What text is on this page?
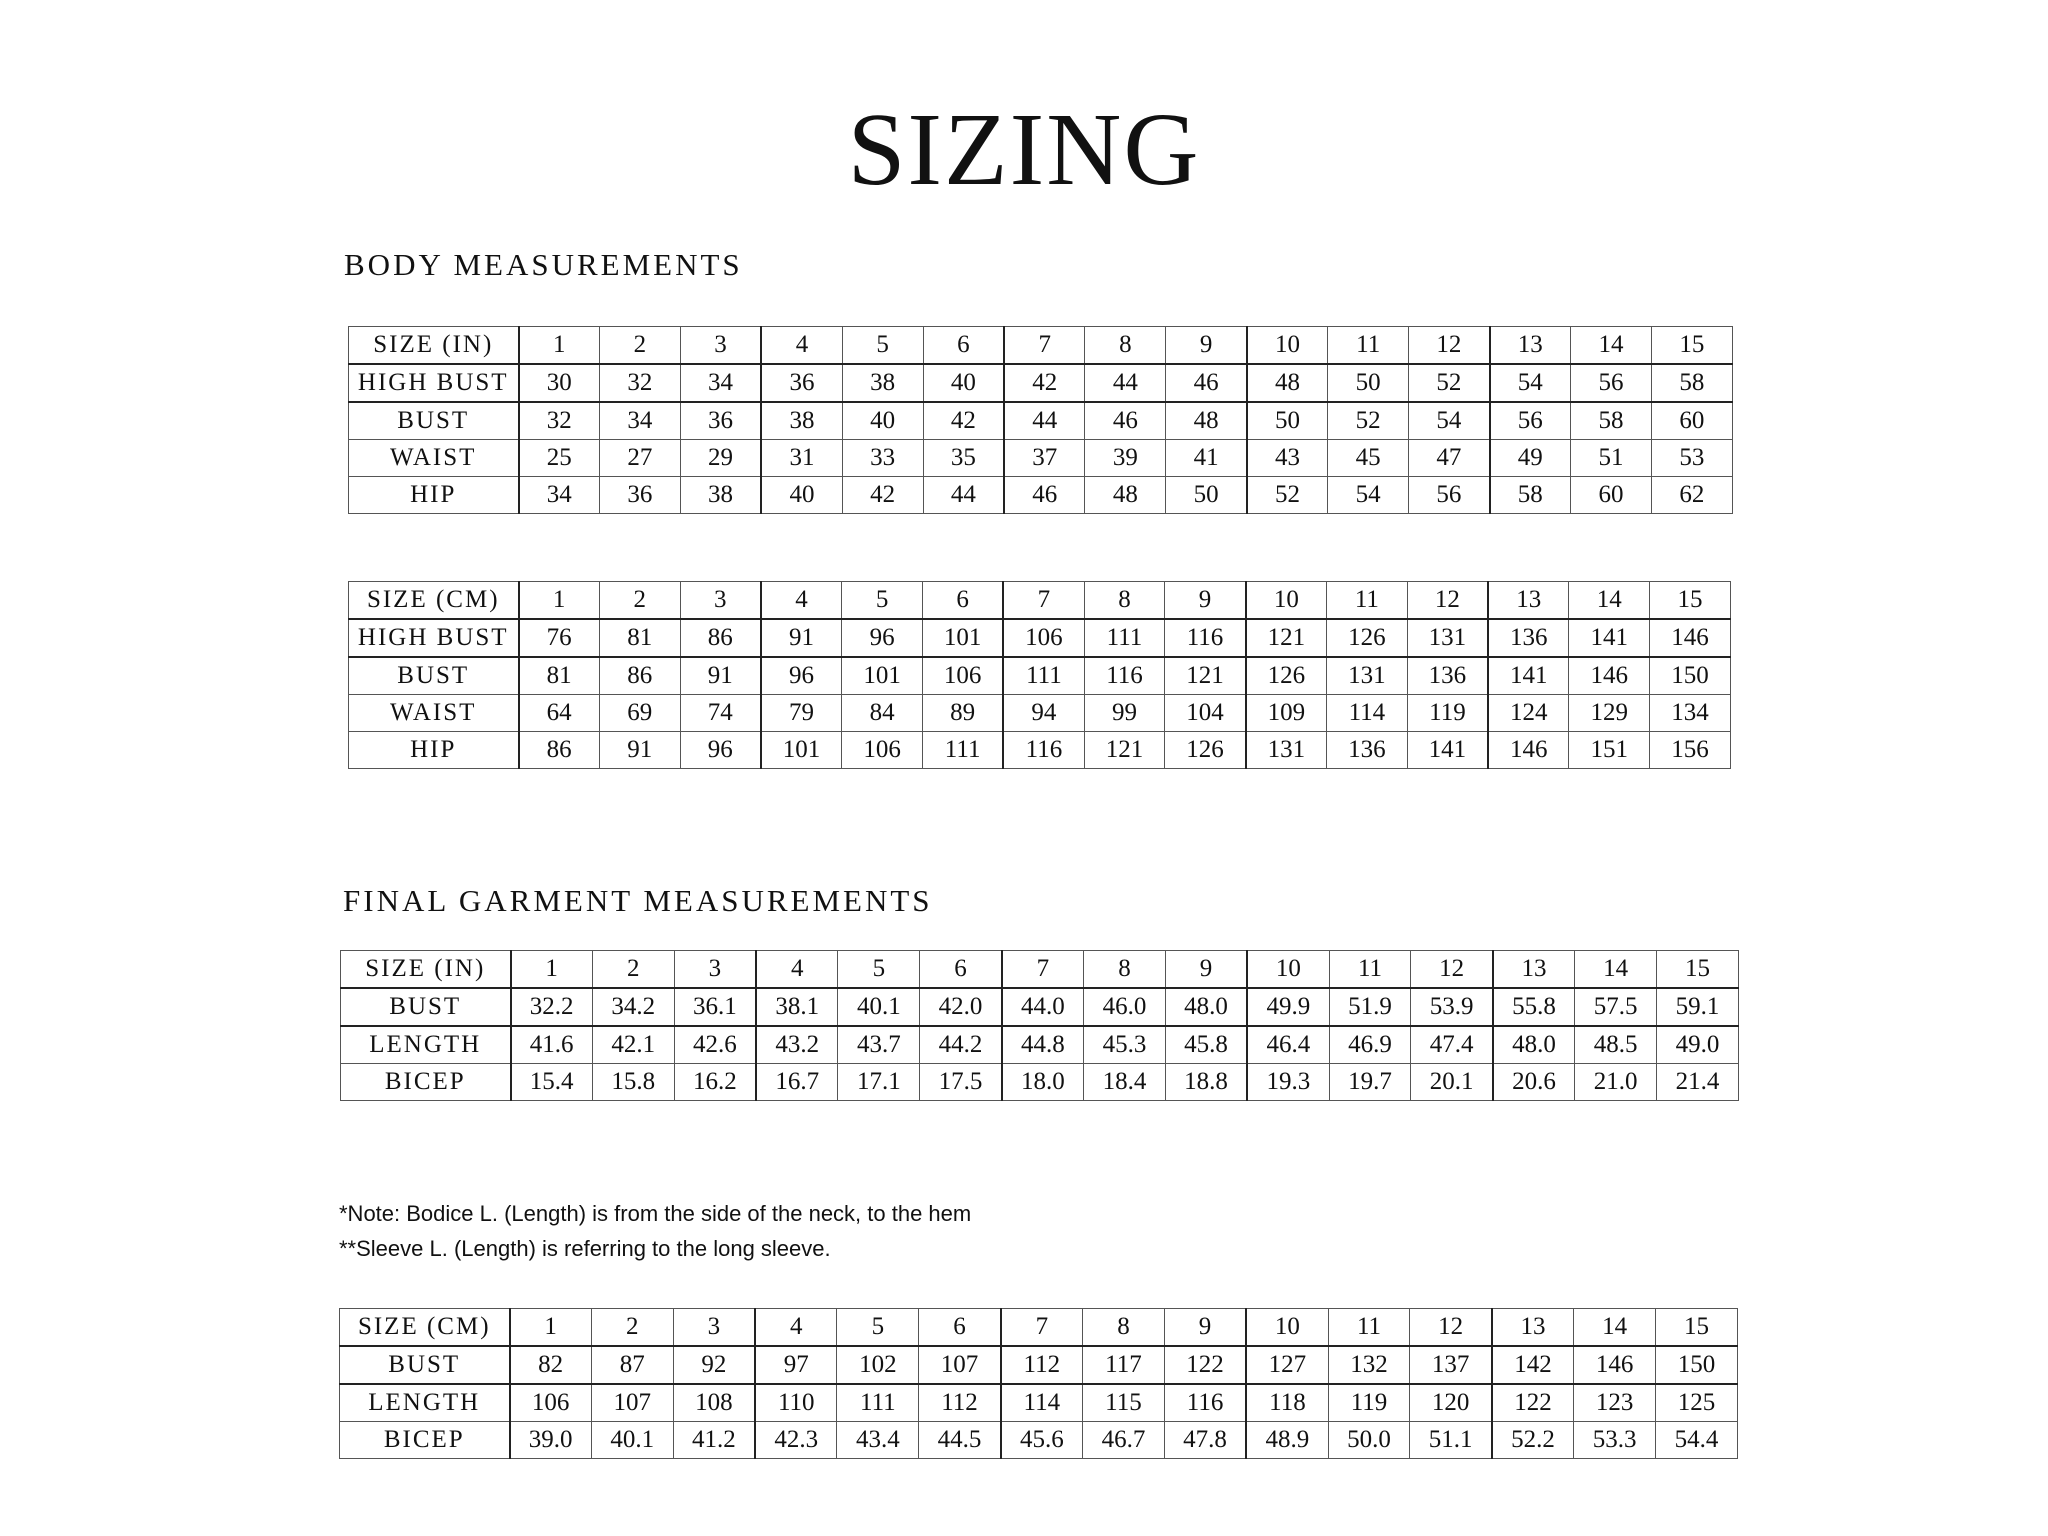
SIZING
BODY MEASUREMENTS
SIZE (IN)	1	2	3	4	5	6	7	8	9	10	11	12	13	14	15
HIGH BUST	30	32	34	36	38	40	42	44	46	48	50	52	54	56	58
BUST	32	34	36	38	40	42	44	46	48	50	52	54	56	58	60
WAIST	25	27	29	31	33	35	37	39	41	43	45	47	49	51	53
HIP	34	36	38	40	42	44	46	48	50	52	54	56	58	60	62
SIZE (CM)	1	2	3	4	5	6	7	8	9	10	11	12	13	14	15
HIGH BUST	76	81	86	91	96	101	106	111	116	121	126	131	136	141	146
BUST	81	86	91	96	101	106	111	116	121	126	131	136	141	146	150
WAIST	64	69	74	79	84	89	94	99	104	109	114	119	124	129	134
HIP	86	91	96	101	106	111	116	121	126	131	136	141	146	151	156
FINAL GARMENT MEASUREMENTS
SIZE (IN)	1	2	3	4	5	6	7	8	9	10	11	12	13	14	15
BUST	32.2	34.2	36.1	38.1	40.1	42.0	44.0	46.0	48.0	49.9	51.9	53.9	55.8	57.5	59.1
LENGTH	41.6	42.1	42.6	43.2	43.7	44.2	44.8	45.3	45.8	46.4	46.9	47.4	48.0	48.5	49.0
BICEP	15.4	15.8	16.2	16.7	17.1	17.5	18.0	18.4	18.8	19.3	19.7	20.1	20.6	21.0	21.4
*Note: Bodice L. (Length) is from the side of the neck, to the hem
**Sleeve L. (Length) is referring to the long sleeve.
SIZE (CM)	1	2	3	4	5	6	7	8	9	10	11	12	13	14	15
BUST	82	87	92	97	102	107	112	117	122	127	132	137	142	146	150
LENGTH	106	107	108	110	111	112	114	115	116	118	119	120	122	123	125
BICEP	39.0	40.1	41.2	42.3	43.4	44.5	45.6	46.7	47.8	48.9	50.0	51.1	52.2	53.3	54.4
